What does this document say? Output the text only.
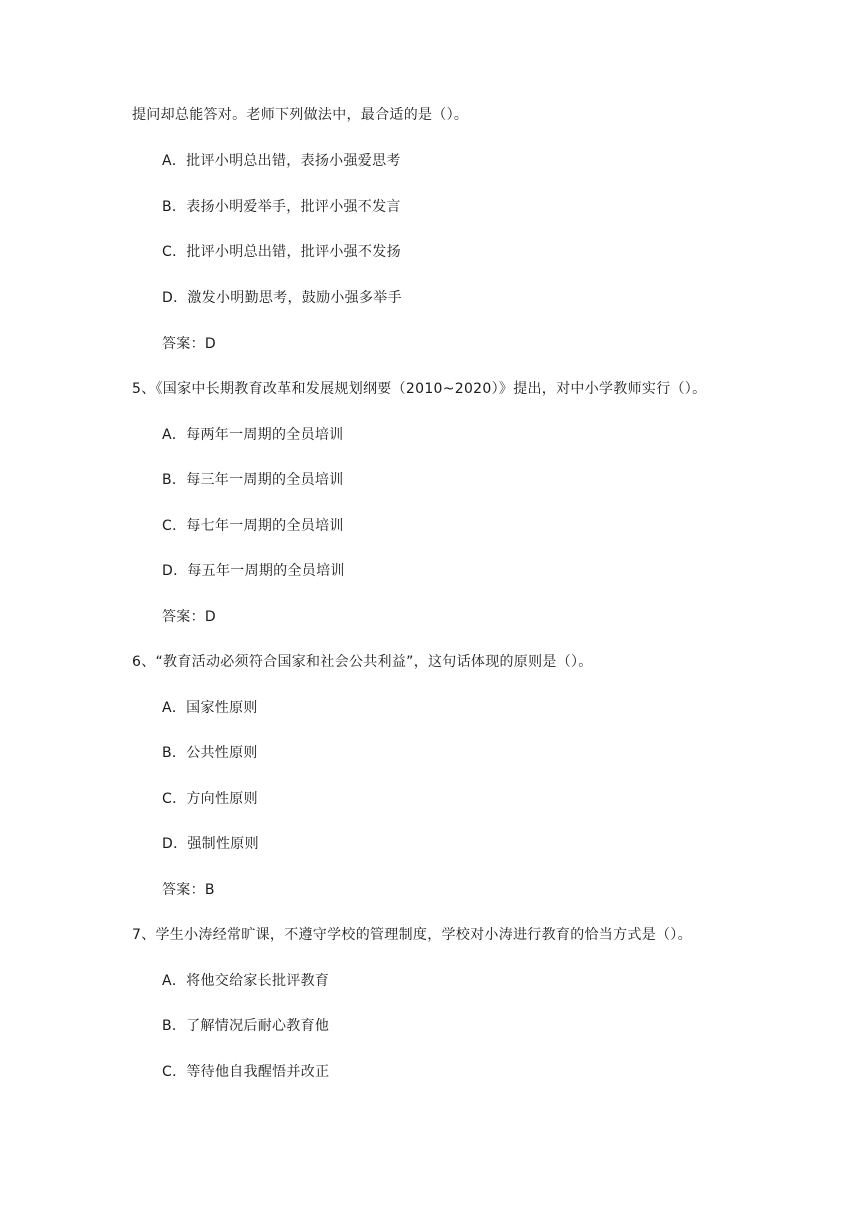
提问却总能答对。老师下列做法中，最合适的是（）。
A．批评小明总出错，表扬小强爱思考
B．表扬小明爱举手，批评小强不发言
C．批评小明总出错，批评小强不发扬
D．激发小明勤思考，鼓励小强多举手
答案：D
5、《国家中长期教育改革和发展规划纲要（2010~2020）》提出，对中小学教师实行（）。
A．每两年一周期的全员培训
B．每三年一周期的全员培训
C．每七年一周期的全员培训
D．每五年一周期的全员培训
答案：D
6、“教育活动必须符合国家和社会公共利益”，这句话体现的原则是（）。
A．国家性原则
B．公共性原则
C．方向性原则
D．强制性原则
答案：B
7、学生小涛经常旷课，不遵守学校的管理制度，学校对小涛进行教育的恰当方式是（）。
A．将他交给家长批评教育
B．了解情况后耐心教育他
C．等待他自我醒悟并改正
